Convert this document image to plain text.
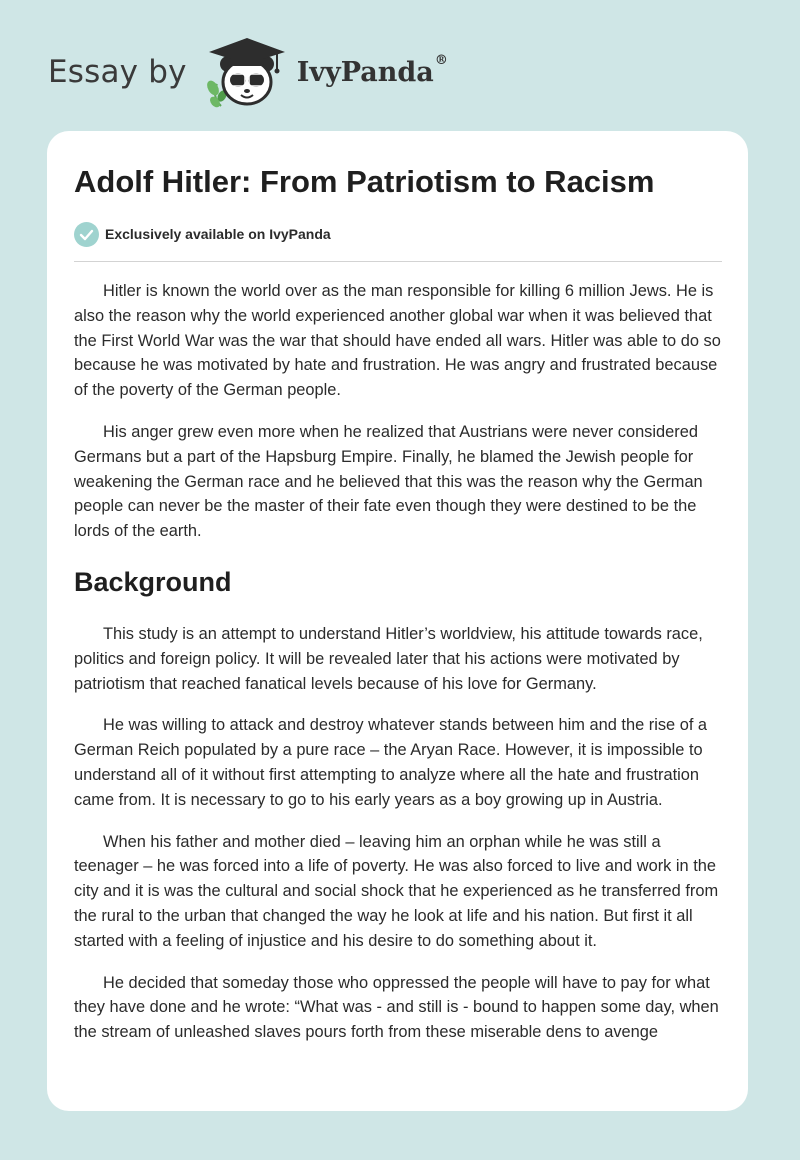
Essay by	IvyPanda®
Adolf Hitler: From Patriotism to Racism
Exclusively available on IvyPanda

Hitler is known the world over as the man responsible for killing 6 million Jews. He is also the reason why the world experienced another global war when it was believed that the First World War was the war that should have ended all wars. Hitler was able to do so because he was motivated by hate and frustration. He was angry and frustrated because of the poverty of the German people.

His anger grew even more when he realized that Austrians were never considered Germans but a part of the Hapsburg Empire. Finally, he blamed the Jewish people for weakening the German race and he believed that this was the reason why the German people can never be the master of their fate even though they were destined to be the lords of the earth.

Background

This study is an attempt to understand Hitler’s worldview, his attitude towards race, politics and foreign policy. It will be revealed later that his actions were motivated by patriotism that reached fanatical levels because of his love for Germany.

He was willing to attack and destroy whatever stands between him and the rise of a German Reich populated by a pure race – the Aryan Race. However, it is impossible to understand all of it without first attempting to analyze where all the hate and frustration came from. It is necessary to go to his early years as a boy growing up in Austria.

When his father and mother died – leaving him an orphan while he was still a teenager – he was forced into a life of poverty. He was also forced to live and work in the city and it is was the cultural and social shock that he experienced as he transferred from the rural to the urban that changed the way he look at life and his nation. But first it all started with a feeling of injustice and his desire to do something about it.

He decided that someday those who oppressed the people will have to pay for what they have done and he wrote: “What was - and still is - bound to happen some day, when the stream of unleashed slaves pours forth from these miserable dens to avenge
